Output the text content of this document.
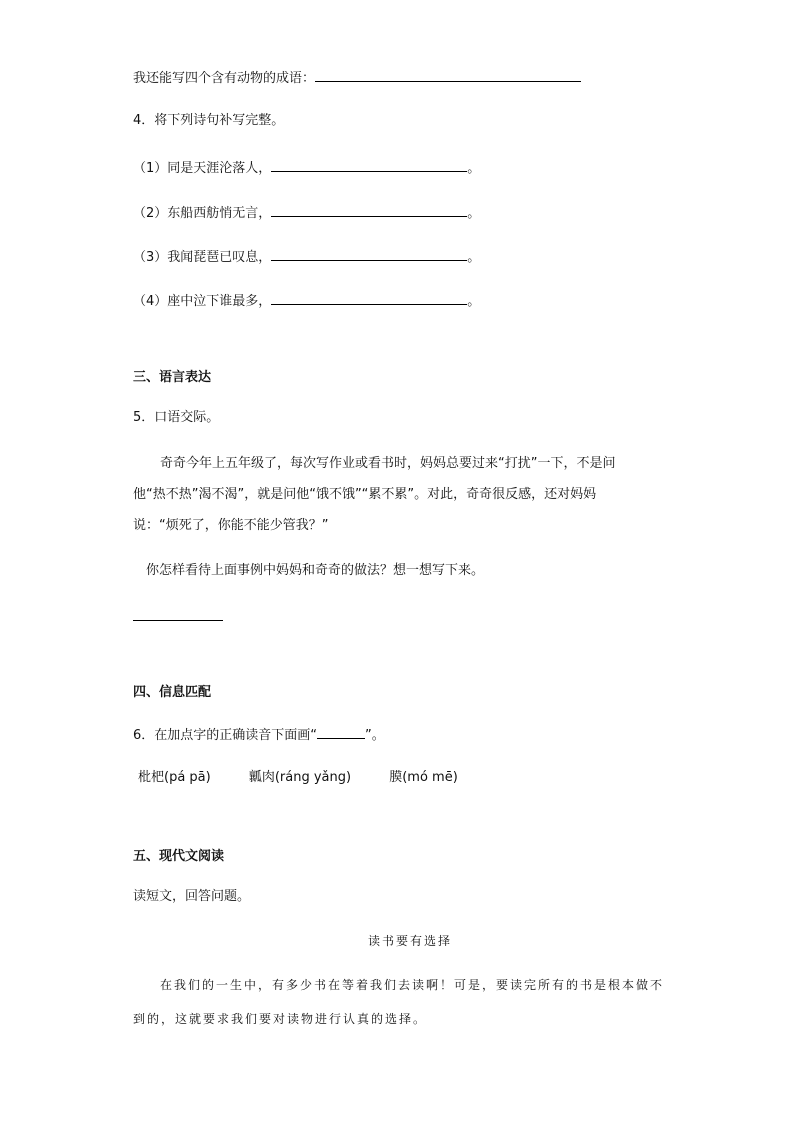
我还能写四个含有动物的成语：
4．将下列诗句补写完整。
（1）同是天涯沦落人，	。
（2）东船西舫悄无言，	。
（3）我闻琵琶已叹息，	。
（4）座中泣下谁最多，	。
三、语言表达
5．口语交际。
奇奇今年上五年级了，每次写作业或看书时，妈妈总要过来“打扰”一下，不是问
他“热不热”渴不渴”，就是问他“饿不饿”“累不累”。对此，奇奇很反感，还对妈妈
说：“烦死了，你能不能少管我？”
你怎样看待上面事例中妈妈和奇奇的做法？想一想写下来。
四、信息匹配
6．在加点字的正确读音下面画“	”。
枇杷(pá pā)	瓤肉(ráng yǎng)	膜(mó mē)
五、现代文阅读
读短文，回答问题。
读书要有选择
在我们的一生中，有多少书在等着我们去读啊！可是，要读完所有的书是根本做不
到的，这就要求我们要对读物进行认真的选择。
